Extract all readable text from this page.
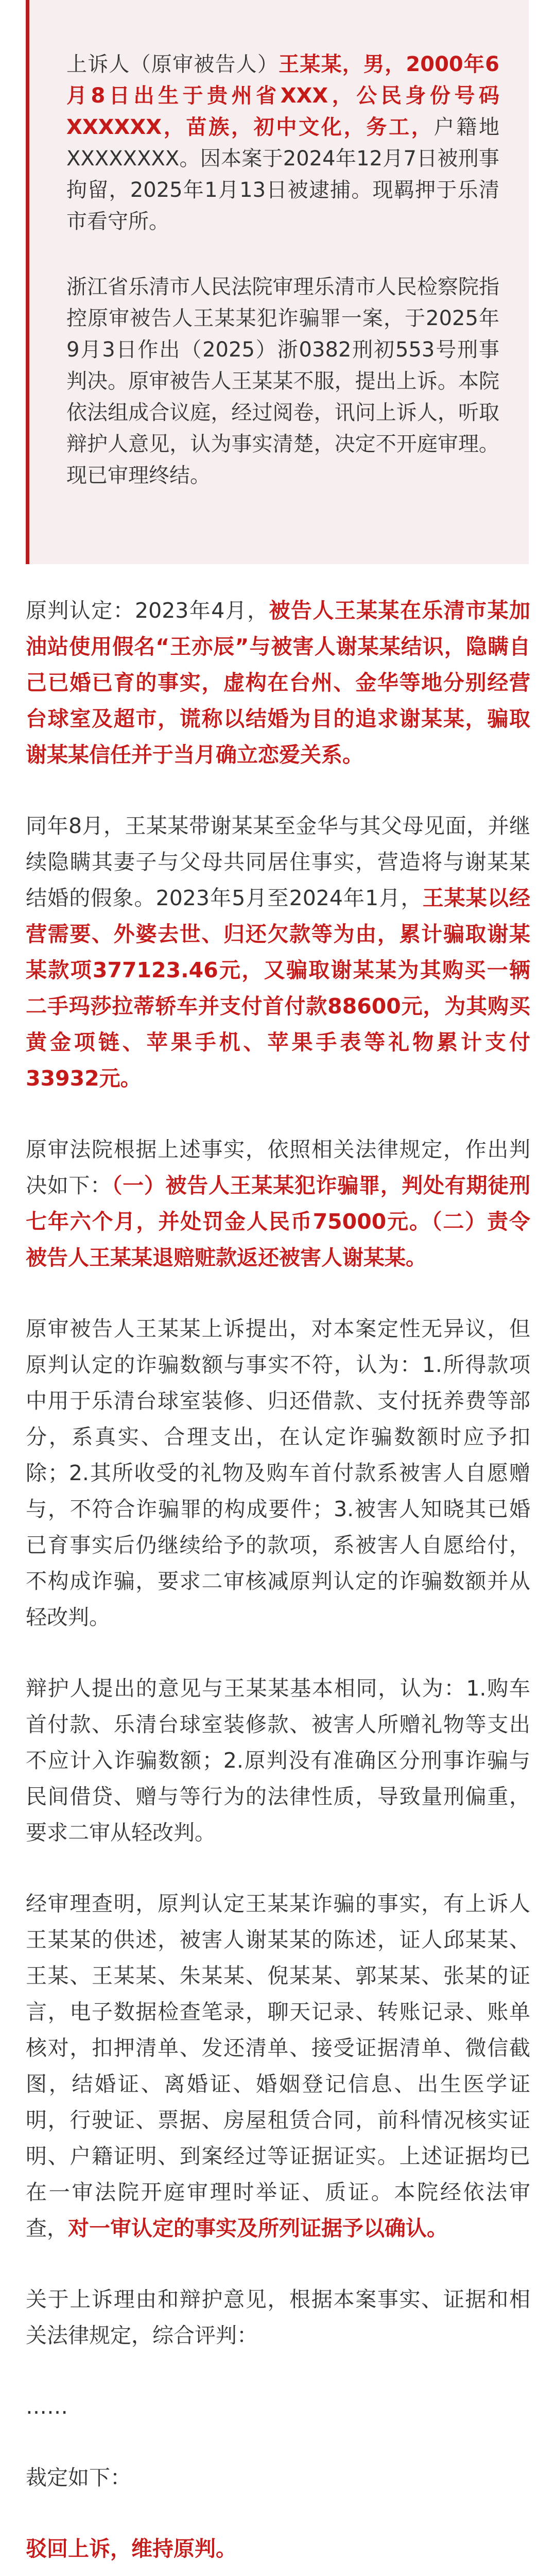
上诉人（原审被告人）王某某，男，2000年6月8日出生于贵州省XXX，公民身份号码XXXXXX，苗族，初中文化，务工，户籍地XXXXXXXX。因本案于2024年12月7日被刑事拘留，2025年1月13日被逮捕。现羁押于乐清市看守所。

浙江省乐清市人民法院审理乐清市人民检察院指控原审被告人王某某犯诈骗罪一案，于2025年9月3日作出（2025）浙0382刑初553号刑事判决。原审被告人王某某不服，提出上诉。本院依法组成合议庭，经过阅卷，讯问上诉人，听取辩护人意见，认为事实清楚，决定不开庭审理。现已审理终结。

原判认定：2023年4月，被告人王某某在乐清市某加油站使用假名“王亦辰”与被害人谢某某结识，隐瞒自己已婚已育的事实，虚构在台州、金华等地分别经营台球室及超市，谎称以结婚为目的追求谢某某，骗取谢某某信任并于当月确立恋爱关系。

同年8月，王某某带谢某某至金华与其父母见面，并继续隐瞒其妻子与父母共同居住事实，营造将与谢某某结婚的假象。2023年5月至2024年1月，王某某以经营需要、外婆去世、归还欠款等为由，累计骗取谢某某款项377123.46元，又骗取谢某某为其购买一辆二手玛莎拉蒂轿车并支付首付款88600元，为其购买黄金项链、苹果手机、苹果手表等礼物累计支付33932元。

原审法院根据上述事实，依照相关法律规定，作出判决如下：（一）被告人王某某犯诈骗罪，判处有期徒刑七年六个月，并处罚金人民币75000元。（二）责令被告人王某某退赔赃款返还被害人谢某某。

原审被告人王某某上诉提出，对本案定性无异议，但原判认定的诈骗数额与事实不符，认为：1.所得款项中用于乐清台球室装修、归还借款、支付抚养费等部分，系真实、合理支出，在认定诈骗数额时应予扣除；2.其所收受的礼物及购车首付款系被害人自愿赠与，不符合诈骗罪的构成要件；3.被害人知晓其已婚已育事实后仍继续给予的款项，系被害人自愿给付，不构成诈骗，要求二审核减原判认定的诈骗数额并从轻改判。

辩护人提出的意见与王某某基本相同，认为：1.购车首付款、乐清台球室装修款、被害人所赠礼物等支出不应计入诈骗数额；2.原判没有准确区分刑事诈骗与民间借贷、赠与等行为的法律性质，导致量刑偏重，要求二审从轻改判。

经审理查明，原判认定王某某诈骗的事实，有上诉人王某某的供述，被害人谢某某的陈述，证人邱某某、王某、王某某、朱某某、倪某某、郭某某、张某的证言，电子数据检查笔录，聊天记录、转账记录、账单核对，扣押清单、发还清单、接受证据清单、微信截图，结婚证、离婚证、婚姻登记信息、出生医学证明，行驶证、票据、房屋租赁合同，前科情况核实证明、户籍证明、到案经过等证据证实。上述证据均已在一审法院开庭审理时举证、质证。本院经依法审查，对一审认定的事实及所列证据予以确认。

关于上诉理由和辩护意见，根据本案事实、证据和相关法律规定，综合评判：

……

裁定如下：

驳回上诉，维持原判。
